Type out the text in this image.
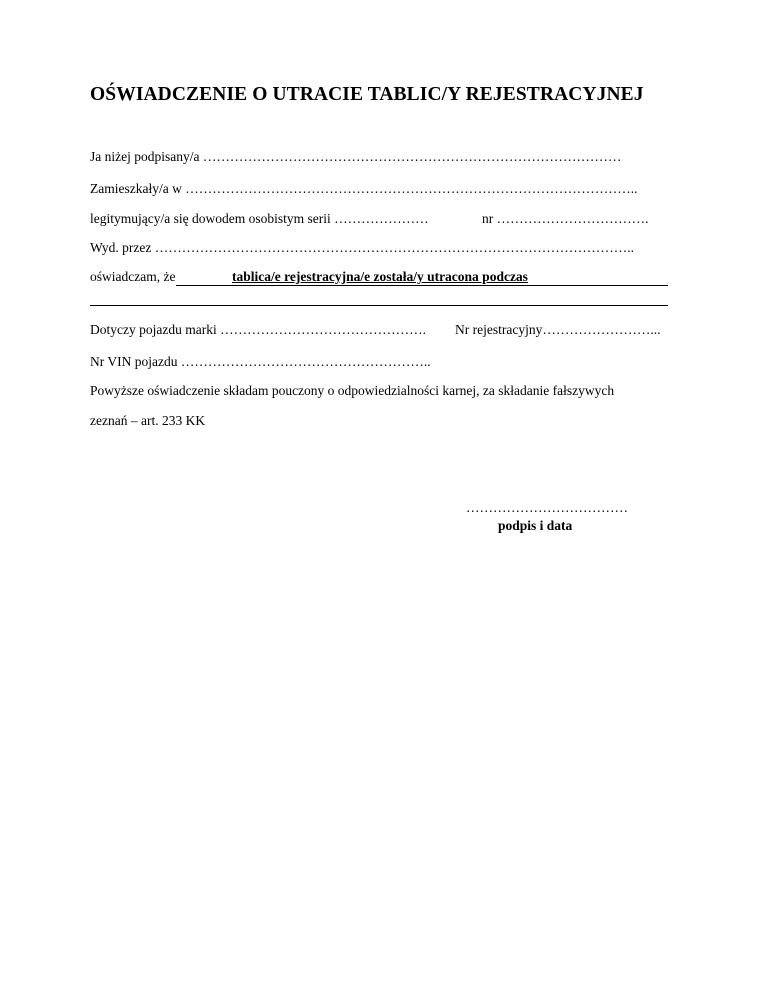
OŚWIADCZENIE O UTRACIE TABLIC/Y REJESTRACYJNEJ
Ja niżej podpisany/a …………………………………………………………………………………
Zamieszkały/a w ………………………………………………………………………………………..
legitymujący/a się dowodem osobistym serii …………………	nr …………………………….
Wyd. przez ……………………………………………………………………………………………..
oświadczam, że	tablica/e rejestracyjna/e została/y utracona podczas
Dotyczy pojazdu marki ………………………………………. Nr rejestracyjny……………………...
Nr VIN pojazdu ………………………………………………..
Powyższe oświadczenie składam pouczony o odpowiedzialności karnej, za składanie fałszywych
zeznań – art. 233 KK
………………………………
podpis i data
